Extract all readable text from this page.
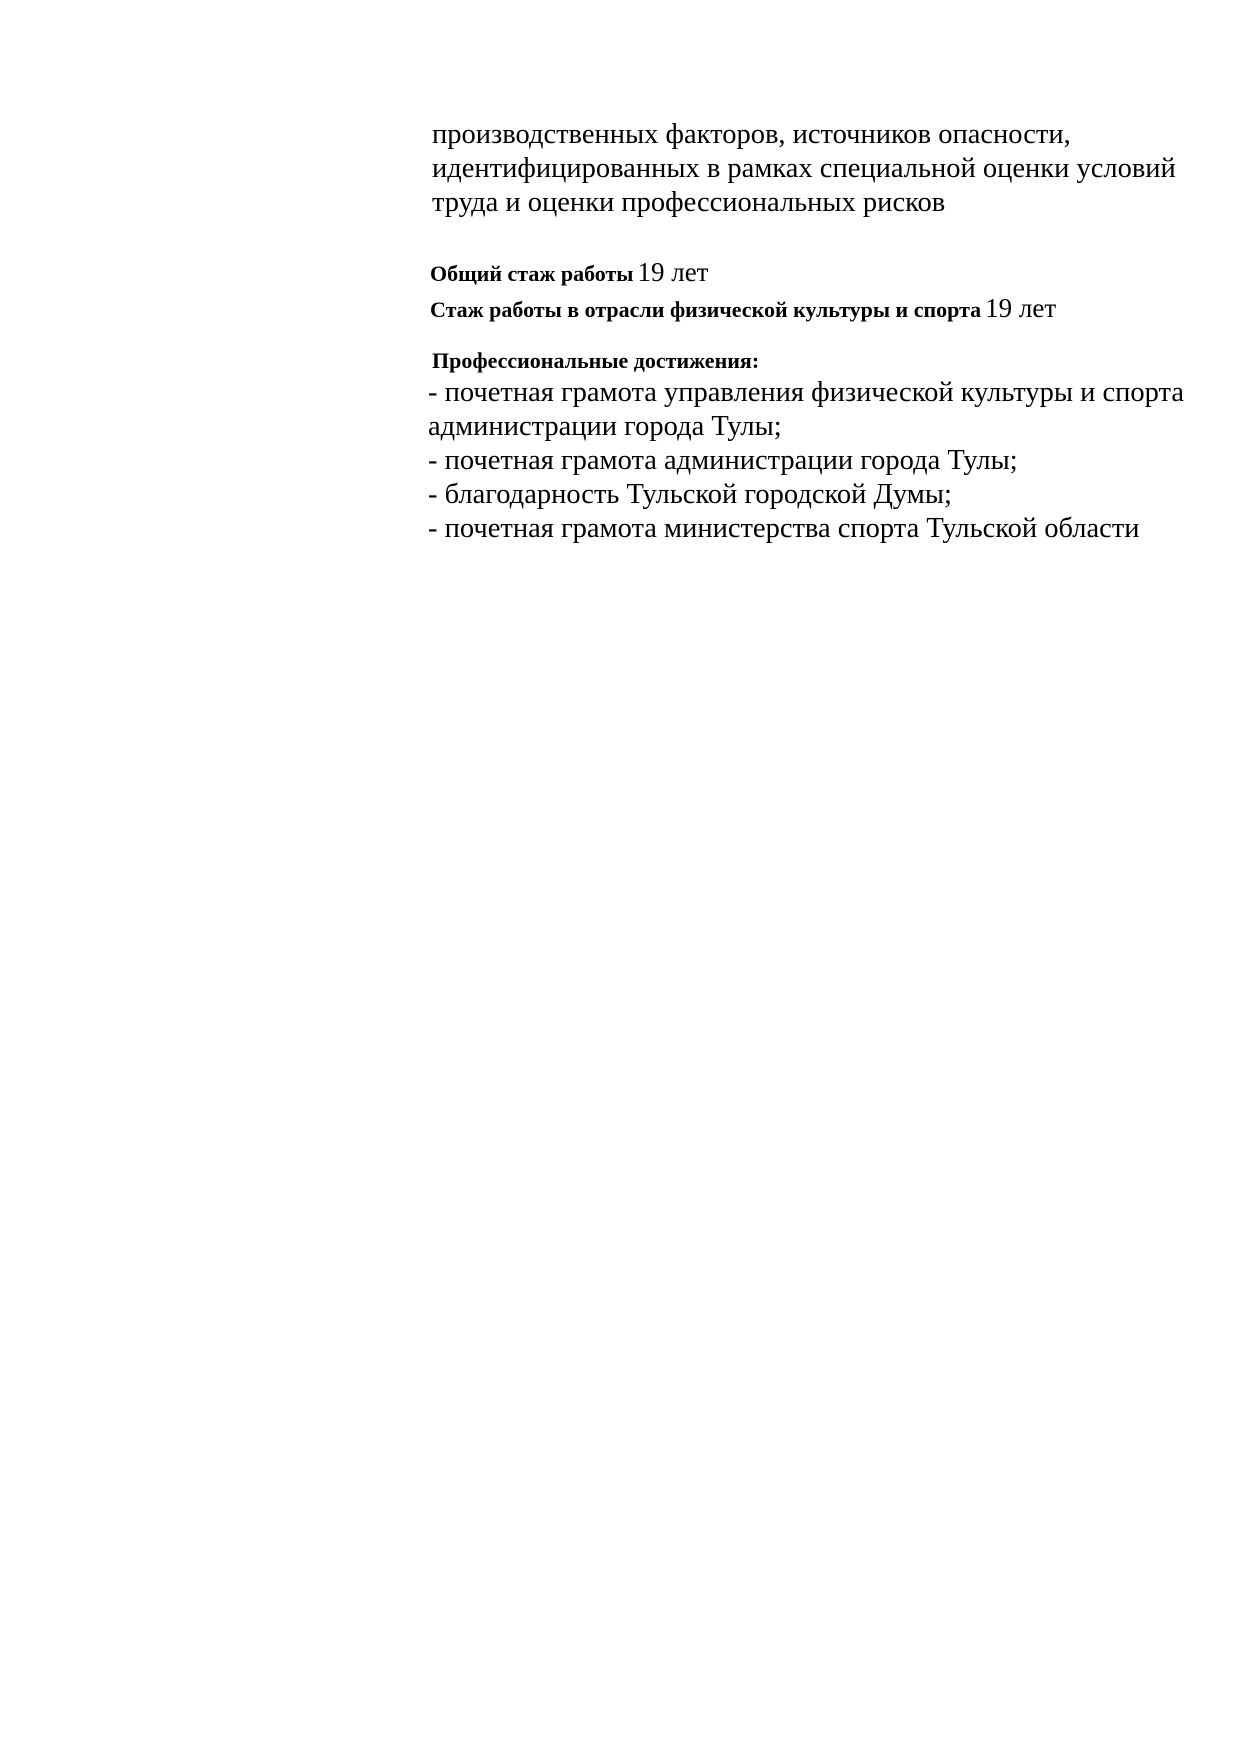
производственных факторов, источников опасности,
идентифицированных в рамках специальной оценки условий
труда и оценки профессиональных рисков
Общий стаж работы 19 лет
Стаж работы в отрасли физической культуры и спорта 19 лет
Профессиональные достижения:
- почетная грамота управления физической культуры и спорта
администрации города Тулы;
- почетная грамота администрации города Тулы;
- благодарность Тульской городской Думы;
- почетная грамота министерства спорта Тульской области
